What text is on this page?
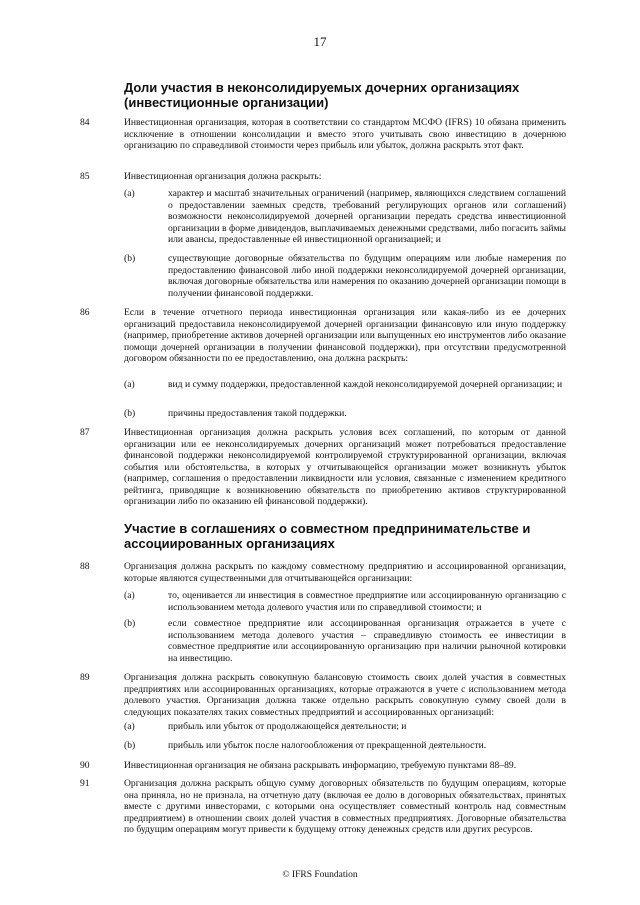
17
Доли участия в неконсолидируемых дочерних организациях
(инвестиционные организации)
84	Инвестиционная организация, которая в соответствии со стандартом МСФО (IFRS) 10 обязана применить исключение в отношении консолидации и вместо этого учитывать свою инвестицию в дочернюю организацию по справедливой стоимости через прибыль или убыток, должна раскрыть этот факт.
85	Инвестиционная организация должна раскрыть:
(a)	характер и масштаб значительных ограничений (например, являющихся следствием соглашений о предоставлении заемных средств, требований регулирующих органов или соглашений) возможности неконсолидируемой дочерней организации передать средства инвестиционной организации в форме дивидендов, выплачиваемых денежными средствами, либо погасить займы или авансы, предоставленные ей инвестиционной организацией; и
(b)	существующие договорные обязательства по будущим операциям или любые намерения по предоставлению финансовой либо иной поддержки неконсолидируемой дочерней организации, включая договорные обязательства или намерения по оказанию дочерней организации помощи в получении финансовой поддержки.
86	Если в течение отчетного периода инвестиционная организация или какая-либо из ее дочерних организаций предоставила неконсолидируемой дочерней организации финансовую или иную поддержку (например, приобретение активов дочерней организации или выпущенных ею инструментов либо оказание помощи дочерней организации в получении финансовой поддержки), при отсутствии предусмотренной договором обязанности по ее предоставлению, она должна раскрыть:
(a)	вид и сумму поддержки, предоставленной каждой неконсолидируемой дочерней организации; и
(b)	причины предоставления такой поддержки.
87	Инвестиционная организация должна раскрыть условия всех соглашений, по которым от данной организации или ее неконсолидируемых дочерних организаций может потребоваться предоставление финансовой поддержки неконсолидируемой контролируемой структурированной организации, включая события или обстоятельства, в которых у отчитывающейся организации может возникнуть убыток (например, соглашения о предоставлении ликвидности или условия, связанные с изменением кредитного рейтинга, приводящие к возникновению обязательств по приобретению активов структурированной организации либо по оказанию ей финансовой поддержки).
Участие в соглашениях о совместном предпринимательстве и
ассоциированных организациях
88	Организация должна раскрыть по каждому совместному предприятию и ассоциированной организации, которые являются существенными для отчитывающейся организации:
(a)	то, оценивается ли инвестиция в совместное предприятие или ассоциированную организацию с использованием метода долевого участия или по справедливой стоимости; и
(b)	если совместное предприятие или ассоциированная организация отражается в учете с использованием метода долевого участия – справедливую стоимость ее инвестиции в совместное предприятие или ассоциированную организацию при наличии рыночной котировки на инвестицию.
89	Организация должна раскрыть совокупную балансовую стоимость своих долей участия в совместных предприятиях или ассоциированных организациях, которые отражаются в учете с использованием метода долевого участия. Организация должна также отдельно раскрыть совокупную сумму своей доли в следующих показателях таких совместных предприятий и ассоциированных организаций:
(a)	прибыль или убыток от продолжающейся деятельности; и
(b)	прибыль или убыток после налогообложения от прекращенной деятельности.
90	Инвестиционная организация не обязана раскрывать информацию, требуемую пунктами 88–89.
91	Организация должна раскрыть общую сумму договорных обязательств по будущим операциям, которые она приняла, но не признала, на отчетную дату (включая ее долю в договорных обязательствах, принятых вместе с другими инвесторами, с которыми она осуществляет совместный контроль над совместным предприятием) в отношении своих долей участия в совместных предприятиях. Договорные обязательства по будущим операциям могут привести к будущему оттоку денежных средств или других ресурсов.
© IFRS Foundation
